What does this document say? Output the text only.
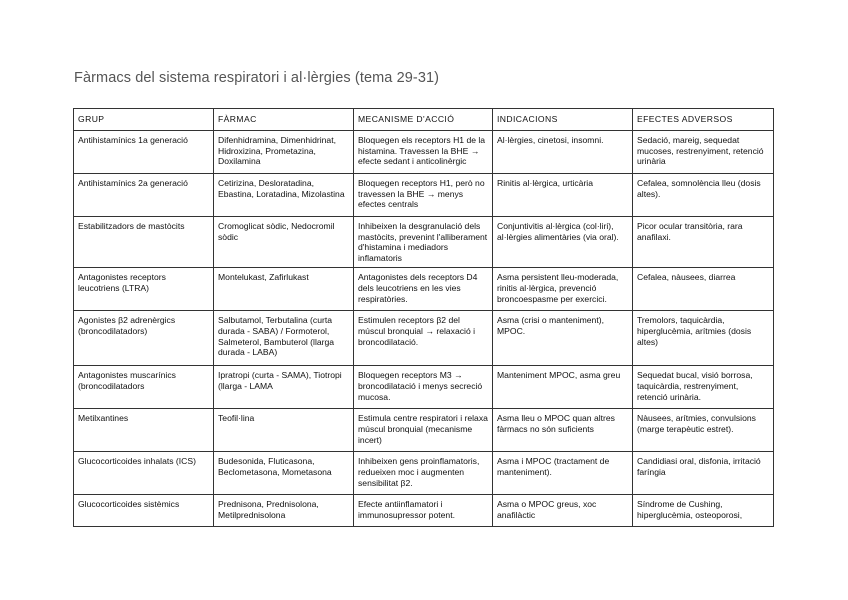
Fàrmacs del sistema respiratori i al·lèrgies (tema 29-31)
GRUP	FÀRMAC	MECANISME D'ACCIÓ	INDICACIONS	EFECTES ADVERSOS
Antihistamínics 1a generació	Difenhidramina, Dimenhidrinat, Hidroxizina, Prometazina, Doxilamina	Bloquegen els receptors H1 de la histamina. Travessen la BHE → efecte sedant i anticolinèrgic	Al·lèrgies, cinetosi, insomni.	Sedació, mareig, sequedat mucoses, restrenyiment, retenció urinària
Antihistamínics 2a generació	Cetirizina, Desloratadina, Ebastina, Loratadina, Mizolastina	Bloquegen receptors H1, però no travessen la BHE → menys efectes centrals	Rinitis al·lèrgica, urticària	Cefalea, somnolència lleu (dosis altes).
Estabilitzadors de mastòcits	Cromoglicat sòdic, Nedocromil sòdic	Inhibeixen la desgranulació dels mastòcits, prevenint l'alliberament d'histamina i mediadors inflamatoris	Conjuntivitis al·lèrgica (col·liri), al·lèrgies alimentàries (via oral).	Picor ocular transitòria, rara anafilaxi.
Antagonistes receptors leucotriens (LTRA)	Montelukast, Zafirlukast	Antagonistes dels receptors D4 dels leucotriens en les vies respiratòries.	Asma persistent lleu-moderada, rinitis al·lèrgica, prevenció broncoespasme per exercici.	Cefalea, nàusees, diarrea
Agonistes β2 adrenèrgics (broncodilatadors)	Salbutamol, Terbutalina (curta durada - SABA) / Formoterol, Salmeterol, Bambuterol (llarga durada - LABA)	Estimulen receptors β2 del múscul bronquial → relaxació i broncodilatació.	Asma (crisi o manteniment), MPOC.	Tremolors, taquicàrdia, hiperglucèmia, arítmies (dosis altes)
Antagonistes muscarínics (broncodilatadors	Ipratropi (curta - SAMA), Tiotropi (llarga - LAMA	Bloquegen receptors M3 → broncodilatació i menys secreció mucosa.	Manteniment MPOC, asma greu	Sequedat bucal, visió borrosa, taquicàrdia, restrenyiment, retenció urinària.
Metilxantines	Teofil·lina	Estimula centre respiratori i relaxa múscul bronquial (mecanisme incert)	Asma lleu o MPOC quan altres fàrmacs no són suficients	Nàusees, arítmies, convulsions (marge terapèutic estret).
Glucocorticoides inhalats (ICS)	Budesonida, Fluticasona, Beclometasona, Mometasona	Inhibeixen gens proinflamatoris, redueixen moc i augmenten sensibilitat β2.	Asma i MPOC (tractament de manteniment).	Candidiasi oral, disfonia, irritació faríngia
Glucocorticoides sistèmics	Prednisona, Prednisolona, Metilprednisolona	Efecte antiinflamatori i immunosupressor potent.	Asma o MPOC greus, xoc anafilàctic	Síndrome de Cushing, hiperglucèmia, osteoporosi,
